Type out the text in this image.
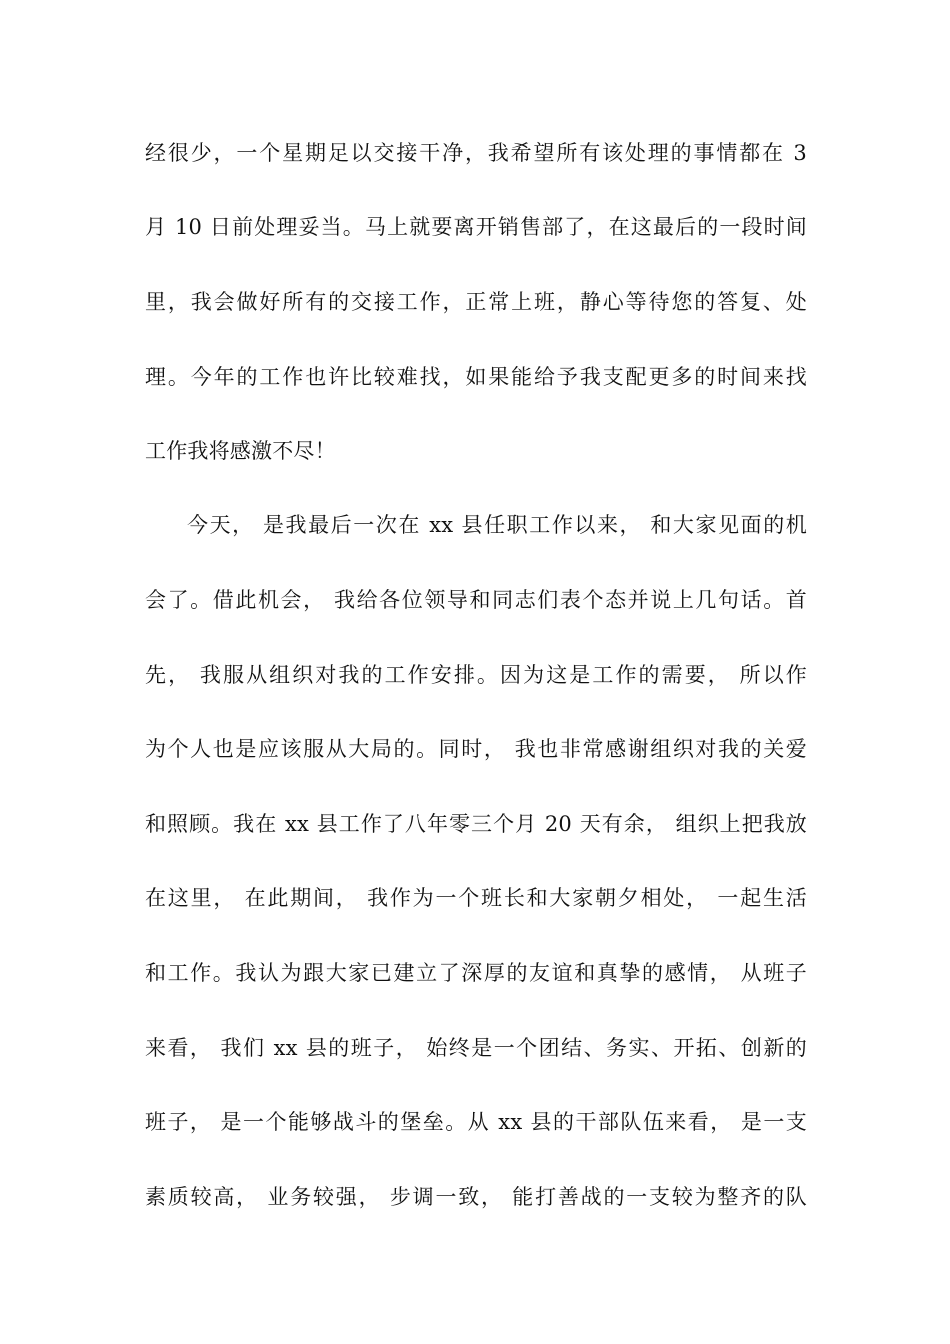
经很少，一个星期足以交接干净，我希望所有该处理的事情都在 3
月 10 日前处理妥当。马上就要离开销售部了，在这最后的一段时间
里，我会做好所有的交接工作，正常上班，静心等待您的答复、处
理。今年的工作也许比较难找，如果能给予我支配更多的时间来找
工作我将感激不尽！
今天， 是我最后一次在 xx 县任职工作以来， 和大家见面的机
会了。借此机会， 我给各位领导和同志们表个态并说上几句话。首
先， 我服从组织对我的工作安排。因为这是工作的需要， 所以作
为个人也是应该服从大局的。同时， 我也非常感谢组织对我的关爱
和照顾。我在 xx 县工作了八年零三个月 20 天有余， 组织上把我放
在这里， 在此期间， 我作为一个班长和大家朝夕相处， 一起生活
和工作。我认为跟大家已建立了深厚的友谊和真挚的感情， 从班子
来看， 我们 xx 县的班子， 始终是一个团结、务实、开拓、创新的
班子， 是一个能够战斗的堡垒。从 xx 县的干部队伍来看， 是一支
素质较高， 业务较强， 步调一致， 能打善战的一支较为整齐的队
